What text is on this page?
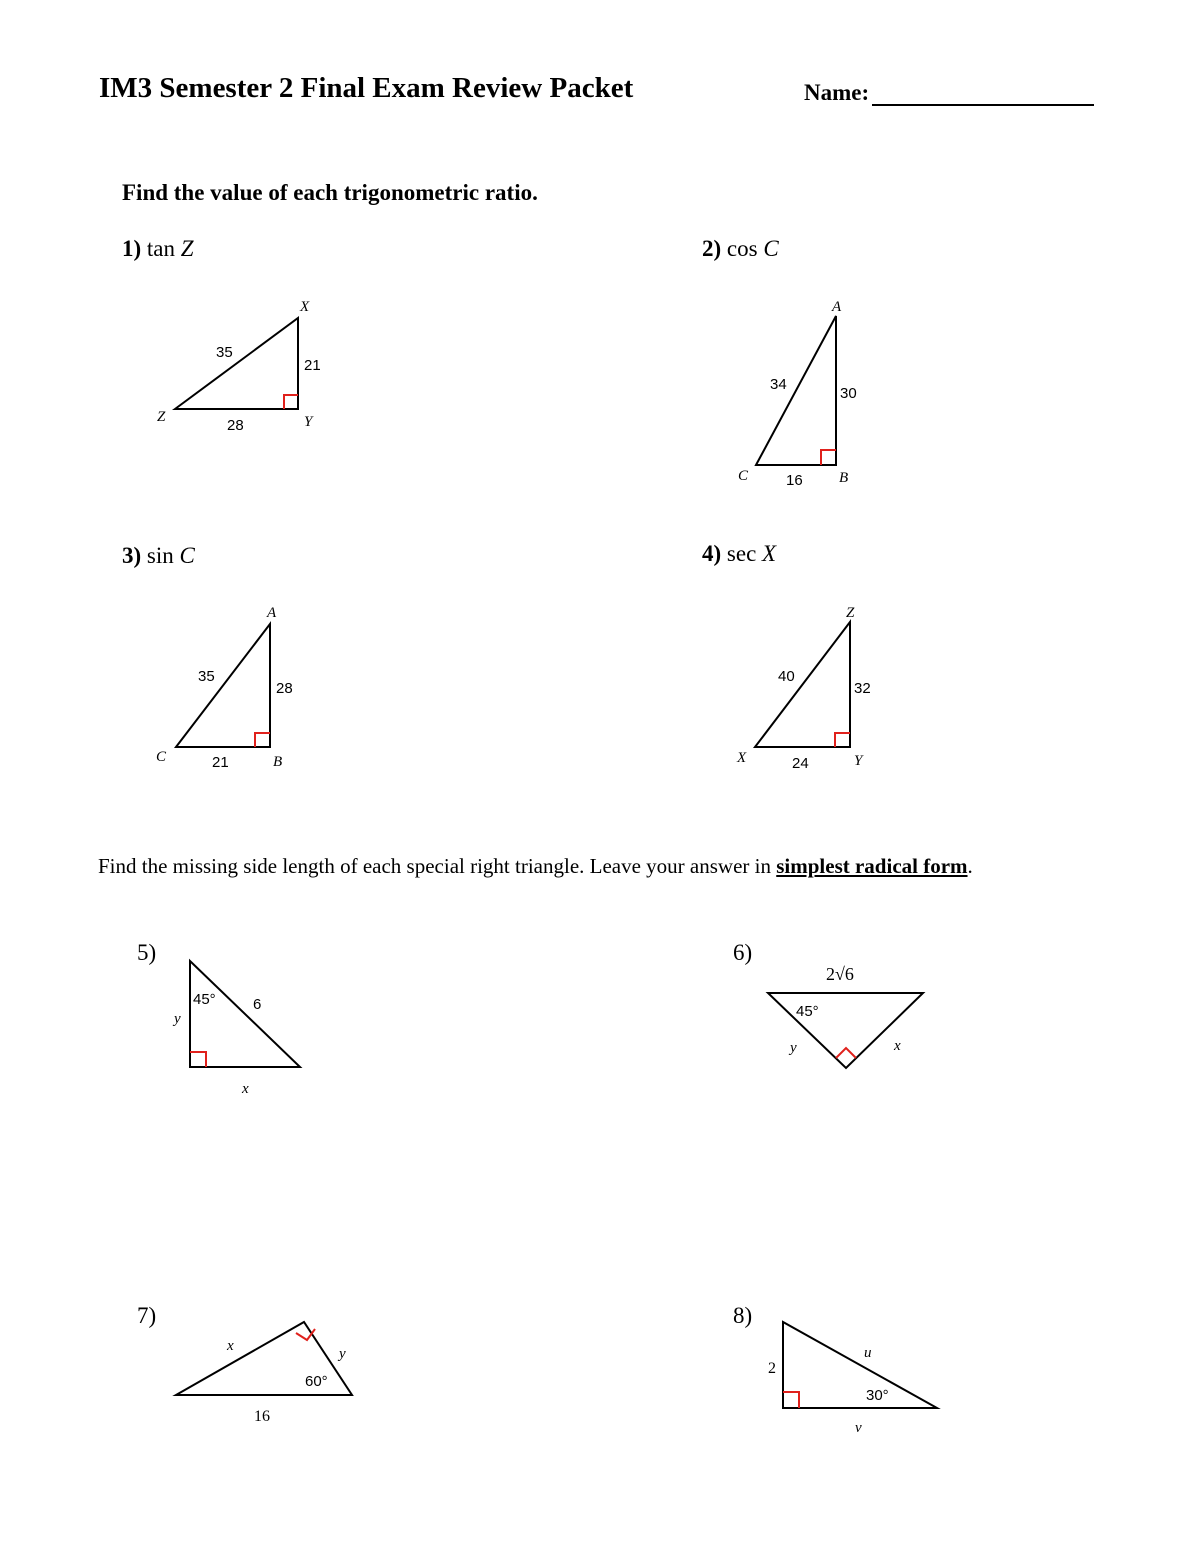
IM3 Semester 2 Final Exam Review Packet	Name:
Find the value of each trigonometric ratio.
1) tan Z	2) cos C
3) sin C	4) sec X
Find the missing side length of each special right triangle. Leave your answer in simplest radical form.
5)	6)
7)	8)
X
Z	Y
35
21
28
A
C	B
34
30
16
A
C	B
35
28
21
Z
X	Y
40
32
24
45° 6
y
x
2√6
45°
y	x
60°
16
x	y
30°
2
u
v
